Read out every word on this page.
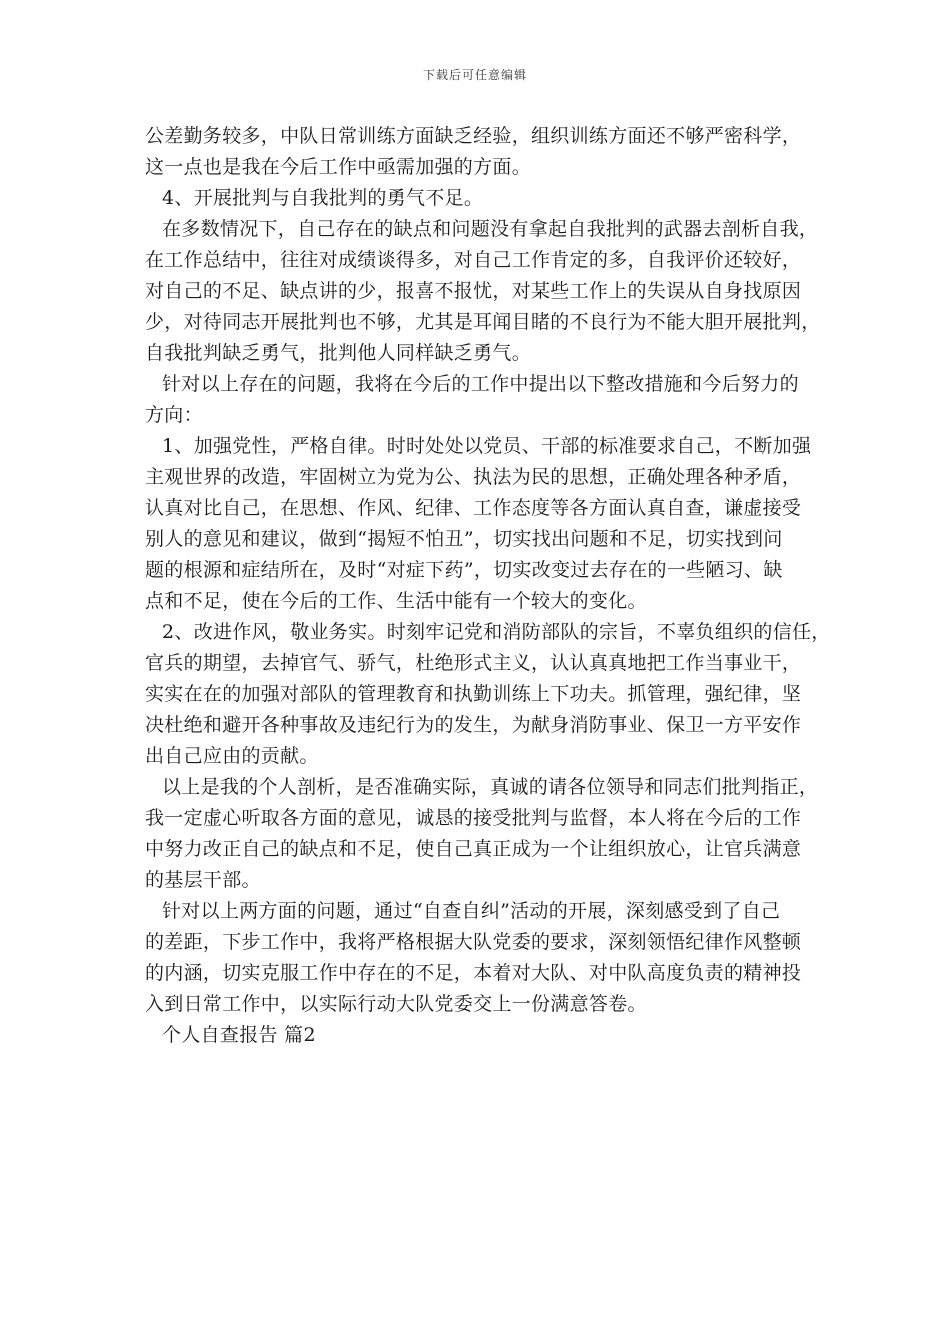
下载后可任意编辑

公差勤务较多，中队日常训练方面缺乏经验，组织训练方面还不够严密科学，

这一点也是我在今后工作中亟需加强的方面。

4、开展批判与自我批判的勇气不足。

在多数情况下，自己存在的缺点和问题没有拿起自我批判的武器去剖析自我，

在工作总结中，往往对成绩谈得多，对自己工作肯定的多，自我评价还较好，

对自己的不足、缺点讲的少，报喜不报忧，对某些工作上的失误从自身找原因

少，对待同志开展批判也不够，尤其是耳闻目睹的不良行为不能大胆开展批判，

自我批判缺乏勇气，批判他人同样缺乏勇气。

针对以上存在的问题，我将在今后的工作中提出以下整改措施和今后努力的

方向：

1、加强党性，严格自律。时时处处以党员、干部的标准要求自己，不断加强

主观世界的改造，牢固树立为党为公、执法为民的思想，正确处理各种矛盾，

认真对比自己，在思想、作风、纪律、工作态度等各方面认真自查，谦虚接受

别人的意见和建议，做到“揭短不怕丑”，切实找出问题和不足，切实找到问

题的根源和症结所在，及时“对症下药”，切实改变过去存在的一些陋习、缺

点和不足，使在今后的工作、生活中能有一个较大的变化。

2、改进作风，敬业务实。时刻牢记党和消防部队的宗旨，不辜负组织的信任，

官兵的期望，去掉官气、骄气，杜绝形式主义，认认真真地把工作当事业干，

实实在在的加强对部队的管理教育和执勤训练上下功夫。抓管理，强纪律，坚

决杜绝和避开各种事故及违纪行为的发生，为献身消防事业、保卫一方平安作

出自己应由的贡献。

以上是我的个人剖析，是否准确实际，真诚的请各位领导和同志们批判指正，

我一定虚心听取各方面的意见，诚恳的接受批判与监督，本人将在今后的工作

中努力改正自己的缺点和不足，使自己真正成为一个让组织放心，让官兵满意

的基层干部。

针对以上两方面的问题，通过“自查自纠”活动的开展，深刻感受到了自己

的差距，下步工作中，我将严格根据大队党委的要求，深刻领悟纪律作风整顿

的内涵，切实克服工作中存在的不足，本着对大队、对中队高度负责的精神投

入到日常工作中，以实际行动大队党委交上一份满意答卷。

个人自查报告 篇2
